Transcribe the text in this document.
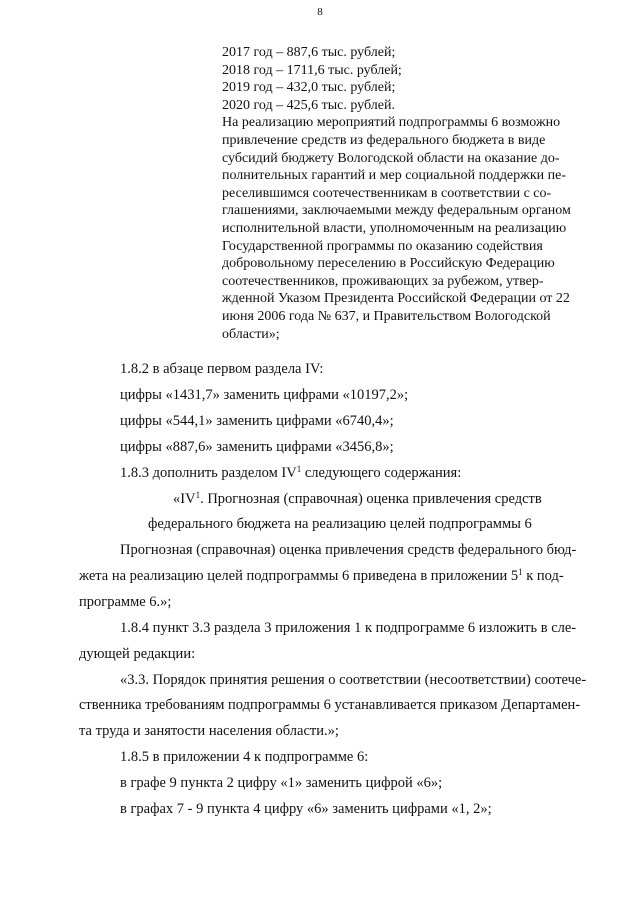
8
2017 год – 887,6 тыс. рублей;
2018 год – 1711,6 тыс. рублей;
2019 год – 432,0 тыс. рублей;
2020 год – 425,6 тыс. рублей.
На реализацию мероприятий подпрограммы 6 возможно
привлечение средств из федерального бюджета в виде
субсидий бюджету Вологодской области на оказание до-
полнительных гарантий и мер социальной поддержки пе-
реселившимся соотечественникам в соответствии с со-
глашениями, заключаемыми между федеральным органом
исполнительной власти, уполномоченным на реализацию
Государственной программы по оказанию содействия
добровольному переселению в Российскую Федерацию
соотечественников, проживающих за рубежом, утвер-
жденной Указом Президента Российской Федерации от 22
июня 2006 года № 637, и Правительством Вологодской
области»;
1.8.2 в абзаце первом раздела IV:
цифры «1431,7» заменить цифрами «10197,2»;
цифры «544,1» заменить цифрами «6740,4»;
цифры «887,6» заменить цифрами «3456,8»;
1.8.3 дополнить разделом $IV^1$ следующего содержания:
«$IV^1$. Прогнозная (справочная) оценка привлечения средств
федерального бюджета на реализацию целей подпрограммы 6
Прогнозная (справочная) оценка привлечения средств федерального бюд-
жета на реализацию целей подпрограммы 6 приведена в приложении $5^1$ к под-
программе 6.»;
1.8.4 пункт 3.3 раздела 3 приложения 1 к подпрограмме 6 изложить в сле-
дующей редакции:
«3.3. Порядок принятия решения о соответствии (несоответствии) соотече-
ственника требованиям подпрограммы 6 устанавливается приказом Департамен-
та труда и занятости населения области.»;
1.8.5 в приложении 4 к подпрограмме 6:
в графе 9 пункта 2 цифру «1» заменить цифрой «6»;
в графах 7 - 9 пункта 4 цифру «6» заменить цифрами «1, 2»;
